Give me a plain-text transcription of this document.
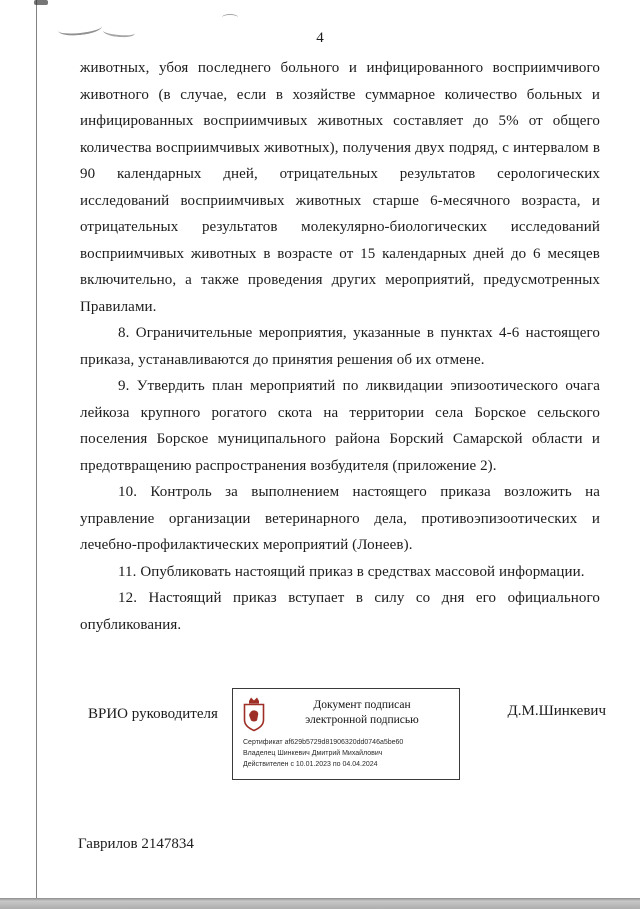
4

животных, убоя последнего больного и инфицированного восприимчивого животного (в случае, если в хозяйстве суммарное количество больных и инфицированных восприимчивых животных составляет до 5% от общего количества восприимчивых животных), получения двух подряд, с интервалом в 90 календарных дней, отрицательных результатов серологических исследований восприимчивых животных старше 6-месячного возраста, и отрицательных результатов молекулярно-биологических исследований восприимчивых животных в возрасте от 15 календарных дней до 6 месяцев включительно, а также проведения других мероприятий, предусмотренных Правилами.

8. Ограничительные мероприятия, указанные в пунктах 4-6 настоящего приказа, устанавливаются до принятия решения об их отмене.

9. Утвердить план мероприятий по ликвидации эпизоотического очага лейкоза крупного рогатого скота на территории села Борское сельского поселения Борское муниципального района Борский Самарской области и предотвращению распространения возбудителя (приложение 2).

10. Контроль за выполнением настоящего приказа возложить на управление организации ветеринарного дела, противоэпизоотических и лечебно-профилактических мероприятий (Лонеев).

11. Опубликовать настоящий приказ в средствах массовой информации.

12. Настоящий приказ вступает в силу со дня его официального опубликования.

ВРИО руководителя
Документ подписан
электронной подписью
Сертификат af629b5729d81906320dd0746a5be60
Владелец Шинкевич Дмитрий Михайлович
Действителен с 10.01.2023 по 04.04.2024
Д.М.Шинкевич
Гаврилов 2147834
